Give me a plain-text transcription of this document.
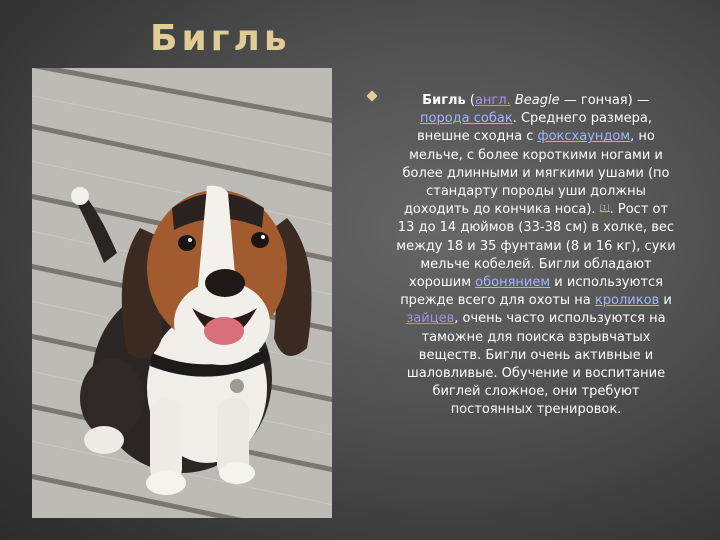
Бигль
Бигль (англ. Beagle — гончая) — порода собак. Среднего размера, внешне сходна с фоксхаундом, но мельче, с более короткими ногами и более длинными и мягкими ушами (по стандарту породы уши должны доходить до кончика носа). [1]. Рост от 13 до 14 дюймов (33-38 см) в холке, вес между 18 и 35 фунтами (8 и 16 кг), суки мельче кобелей. Бигли обладают хорошим обонянием и используются прежде всего для охоты на кроликов и зайцев, очень часто используются на таможне для поиска взрывчатых веществ. Бигли очень активные и шаловливые. Обучение и воспитание биглей сложное, они требуют постоянных тренировок.
